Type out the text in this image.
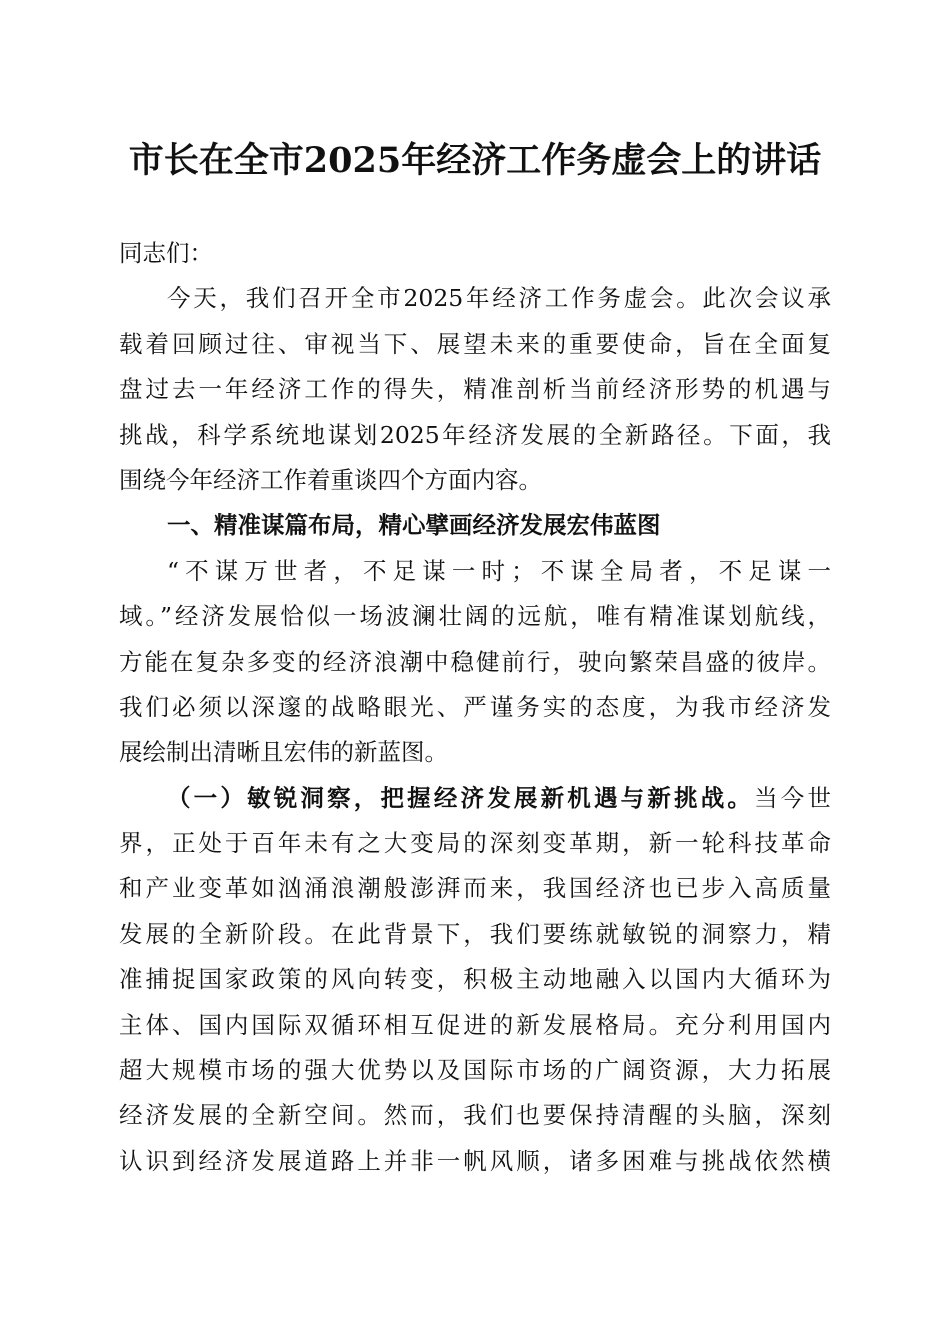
市长在全市2025年经济工作务虚会上的讲话
同志们：
今天，我们召开全市2025年经济工作务虚会。此次会议承
载着回顾过往、审视当下、展望未来的重要使命，旨在全面复
盘过去一年经济工作的得失，精准剖析当前经济形势的机遇与
挑战，科学系统地谋划2025年经济发展的全新路径。下面，我
围绕今年经济工作着重谈四个方面内容。
一、精准谋篇布局，精心擘画经济发展宏伟蓝图
“不谋万世者，不足谋一时；不谋全局者，不足谋一
域。”经济发展恰似一场波澜壮阔的远航，唯有精准谋划航线，
方能在复杂多变的经济浪潮中稳健前行，驶向繁荣昌盛的彼岸。
我们必须以深邃的战略眼光、严谨务实的态度，为我市经济发
展绘制出清晰且宏伟的新蓝图。
（一）敏锐洞察，把握经济发展新机遇与新挑战。当今世
界，正处于百年未有之大变局的深刻变革期，新一轮科技革命
和产业变革如汹涌浪潮般澎湃而来，我国经济也已步入高质量
发展的全新阶段。在此背景下，我们要练就敏锐的洞察力，精
准捕捉国家政策的风向转变，积极主动地融入以国内大循环为
主体、国内国际双循环相互促进的新发展格局。充分利用国内
超大规模市场的强大优势以及国际市场的广阔资源，大力拓展
经济发展的全新空间。然而，我们也要保持清醒的头脑，深刻
认识到经济发展道路上并非一帆风顺，诸多困难与挑战依然横
